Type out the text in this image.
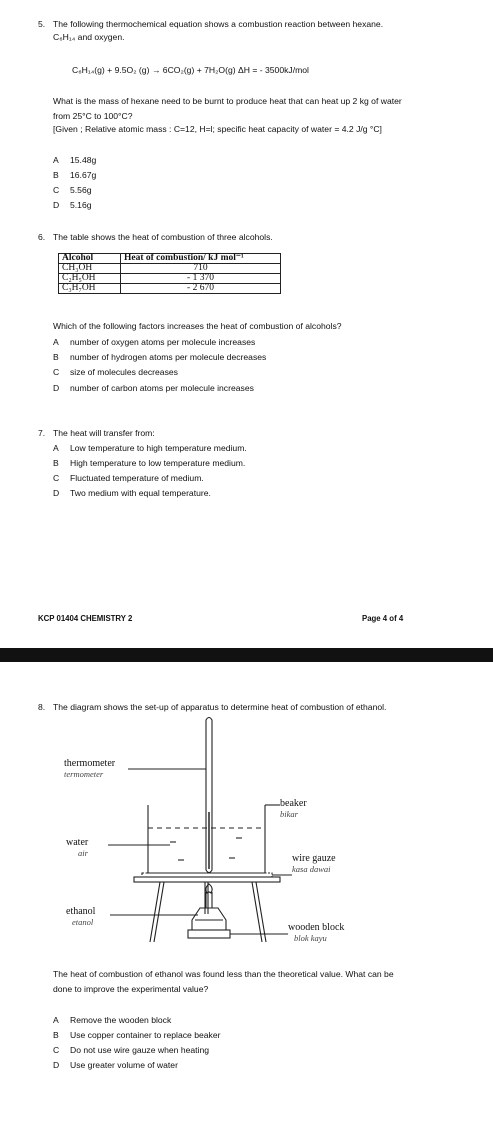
5. The following thermochemical equation shows a combustion reaction between hexane.
C₆H₁₄ and oxygen.
C₆H₁₄(g) + 9.5O₂ (g) → 6CO₂(g) + 7H₂O(g) ΔH = - 3500kJ/mol
What is the mass of hexane need to be burnt to produce heat that can heat up 2 kg of water
from 25°C to 100°C?
[Given ; Relative atomic mass : C=12, H=l; specific heat capacity of water = 4.2 J/g °C]
A 15.48g
B 16.67g
C 5.56g
D 5.16g
6. The table shows the heat of combustion of three alcohols.
Alcohol	Heat of combustion/ kJ mol⁻¹
CH₃OH	710
C₂H₅OH	- 1 370
C₃H₇OH	- 2 670
Which of the following factors increases the heat of combustion of alcohols?
A number of oxygen atoms per molecule increases
B number of hydrogen atoms per molecule decreases
C size of molecules decreases
D number of carbon atoms per molecule increases
7. The heat will transfer from:
A Low temperature to high temperature medium.
B High temperature to low temperature medium.
C Fluctuated temperature of medium.
D Two medium with equal temperature.
KCP 01404 CHEMISTRY 2	Page 4 of 4
8. The diagram shows the set-up of apparatus to determine heat of combustion of ethanol.
thermometer
termometer
beaker
bikar
water
air	wire gauze
kasa dawai
ethanol
etanol	wooden block
blok kayu
The heat of combustion of ethanol was found less than the theoretical value. What can be
done to improve the experimental value?
A Remove the wooden block
B Use copper container to replace beaker
C Do not use wire gauze when heating
D Use greater volume of water
